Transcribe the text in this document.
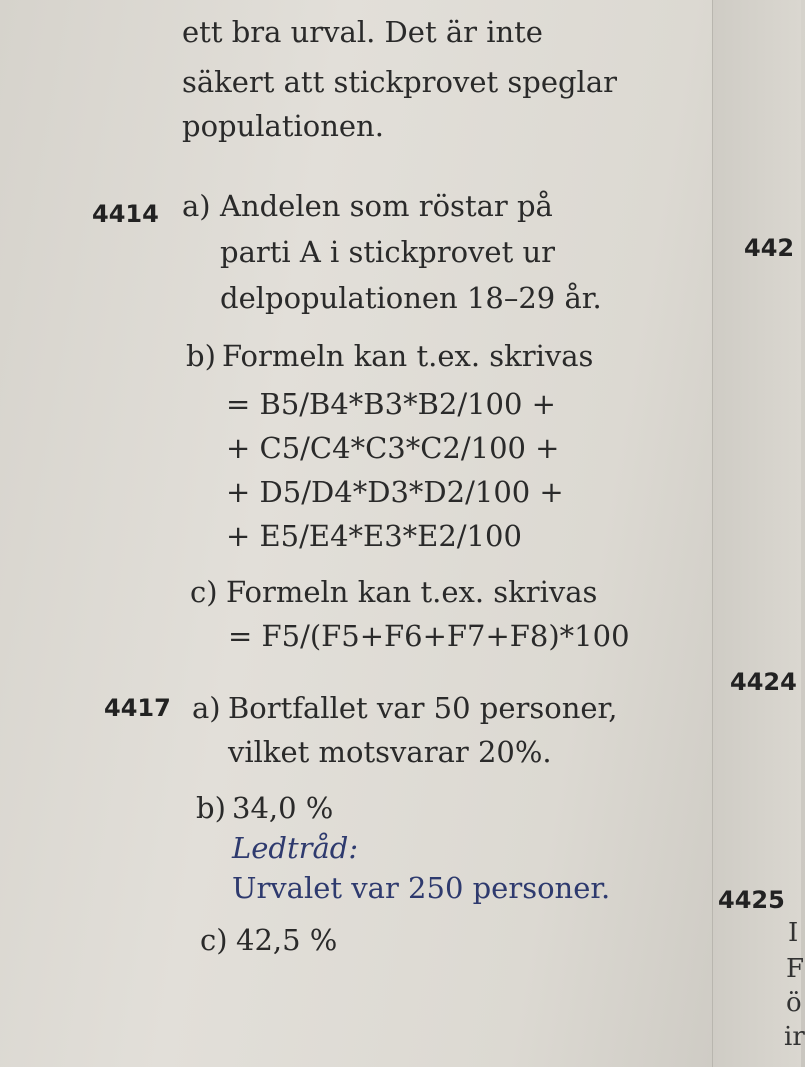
ett bra urval. Det är inte
säkert att stickprovet speglar
populationen.
4414 a) Andelen som röstar på
parti A i stickprovet ur
delpopulationen 18–29 år.
b) Formeln kan t.ex. skrivas
= B5/B4*B3*B2/100 +
+ C5/C4*C3*C2/100 +
+ D5/D4*D3*D2/100 +
+ E5/E4*E3*E2/100
c) Formeln kan t.ex. skrivas
= F5/(F5+F6+F7+F8)*100
4417 a) Bortfallet var 50 personer,
vilket motsvarar 20%.
b) 34,0 %
Ledtråd:
Urvalet var 250 personer.
c) 42,5 %
442
4424
4425
I
F
ö
ir
